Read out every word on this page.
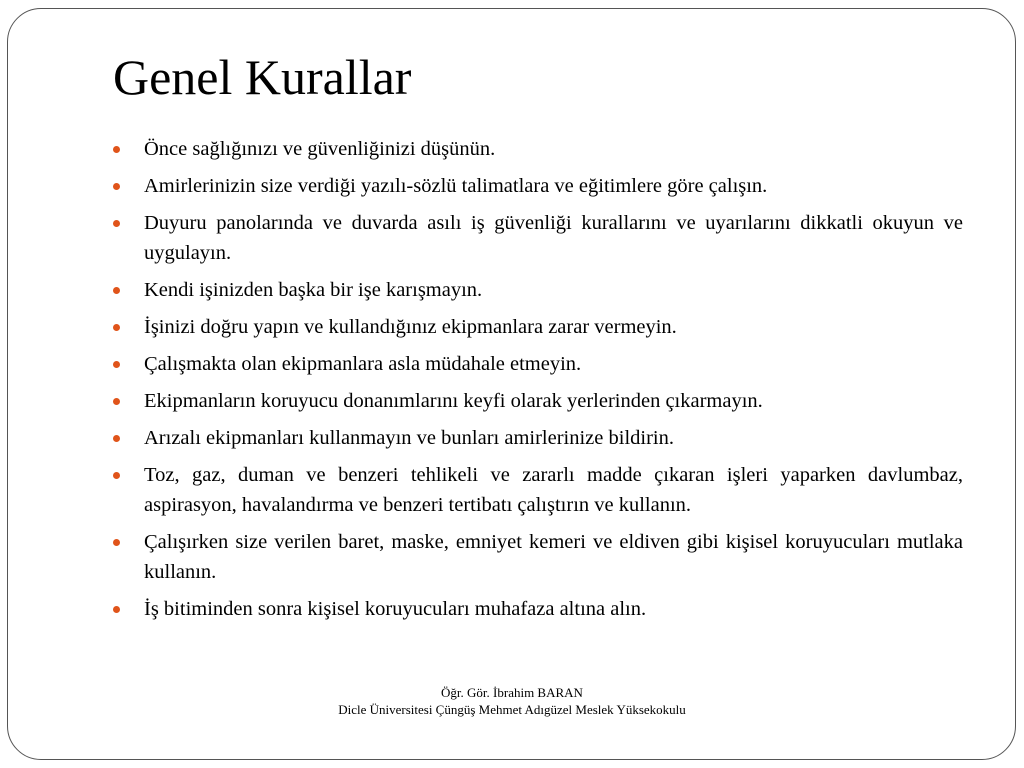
Genel Kurallar
Önce sağlığınızı ve güvenliğinizi düşünün.
Amirlerinizin size verdiği yazılı-sözlü talimatlara ve eğitimlere göre çalışın.
Duyuru panolarında ve duvarda asılı iş güvenliği kurallarını ve uyarılarını dikkatli okuyun ve uygulayın.
Kendi işinizden başka bir işe karışmayın.
İşinizi doğru yapın ve kullandığınız ekipmanlara zarar vermeyin.
Çalışmakta olan ekipmanlara asla müdahale etmeyin.
Ekipmanların koruyucu donanımlarını keyfi olarak yerlerinden çıkarmayın.
Arızalı ekipmanları kullanmayın ve bunları amirlerinize bildirin.
Toz, gaz, duman ve benzeri tehlikeli ve zararlı madde çıkaran işleri yaparken davlumbaz, aspirasyon, havalandırma ve benzeri tertibatı çalıştırın ve kullanın.
Çalışırken size verilen baret, maske, emniyet kemeri ve eldiven gibi kişisel koruyucuları mutlaka kullanın.
İş bitiminden sonra kişisel koruyucuları muhafaza altına alın.
Öğr. Gör. İbrahim BARAN
Dicle Üniversitesi Çüngüş Mehmet Adıgüzel Meslek Yüksekokulu
